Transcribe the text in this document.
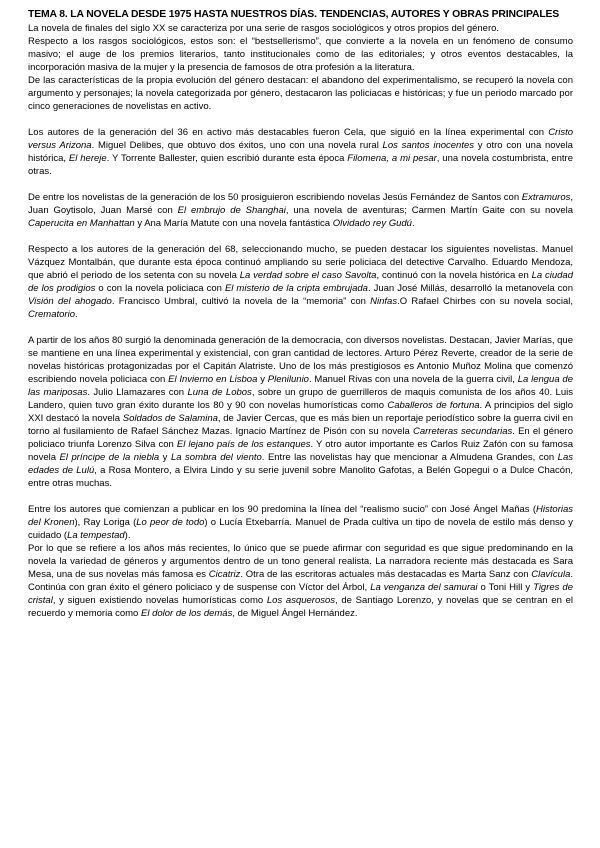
TEMA 8. LA NOVELA DESDE 1975 HASTA NUESTROS DÍAS. TENDENCIAS, AUTORES Y OBRAS PRINCIPALES

La novela de finales del siglo XX se caracteriza por una serie de rasgos sociológicos y otros propios del género.

Respecto a los rasgos sociológicos, estos son: el “bestsellerismo”, que convierte a la novela en un fenómeno de consumo masivo; el auge de los premios literarios, tanto institucionales como de las editoriales; y otros eventos destacables, la incorporación masiva de la mujer y la presencia de famosos de otra profesión a la literatura.

De las características de la propia evolución del género destacan: el abandono del experimentalismo, se recuperó la novela con argumento y personajes; la novela categorizada por género, destacaron las policiacas e históricas; y fue un periodo marcado por cinco generaciones de novelistas en activo.

Los autores de la generación del 36 en activo más destacables fueron Cela, que siguió en la línea experimental con Cristo versus Arizona. Miguel Delibes, que obtuvo dos éxitos, uno con una novela rural Los santos inocentes y otro con una novela histórica, El hereje. Y Torrente Ballester, quien escribió durante esta época Filomena, a mi pesar, una novela costumbrista, entre otras.

De entre los novelistas de la generación de los 50 prosiguieron escribiendo novelas Jesús Fernández de Santos con Extramuros, Juan Goytisolo, Juan Marsé con El embrujo de Shanghai, una novela de aventuras; Carmen Martín Gaite con su novela Caperucita en Manhattan y Ana María Matute con una novela fantástica Olvidado rey Gudú.

Respecto a los autores de la generación del 68, seleccionando mucho, se pueden destacar los siguientes novelistas. Manuel Vázquez Montalbán, que durante esta época continuó ampliando su serie policiaca del detective Carvalho. Eduardo Mendoza, que abrió el periodo de los setenta con su novela La verdad sobre el caso Savolta, continuó con la novela histórica en La ciudad de los prodigios o con la novela policiaca con El misterio de la cripta embrujada. Juan José Millás, desarrolló la metanovela con Visión del ahogado. Francisco Umbral, cultivó la novela de la “memoria” con Ninfas.O Rafael Chirbes con su novela social, Crematorio.

A partir de los años 80 surgió la denominada generación de la democracia, con diversos novelistas. Destacan, Javier Marías, que se mantiene en una línea experimental y existencial, con gran cantidad de lectores. Arturo Pérez Reverte, creador de la serie de novelas históricas protagonizadas por el Capitán Alatriste. Uno de los más prestigiosos es Antonio Muñoz Molina que comenzó escribiendo novela policiaca con El Invierno en Lisboa y Plenilunio. Manuel Rivas con una novela de la guerra civil, La lengua de las mariposas. Julio Llamazares con Luna de Lobos, sobre un grupo de guerrilleros de maquis comunista de los años 40. Luis Landero, quien tuvo gran éxito durante los 80 y 90 con novelas humorísticas como Caballeros de fortuna. A principios del siglo XXI destacó la novela Soldados de Salamina, de Javier Cercas, que es más bien un reportaje periodístico sobre la guerra civil en torno al fusilamiento de Rafael Sánchez Mazas. Ignacio Martínez de Pisón con su novela Carreteras secundarias. En el género policiaco triunfa Lorenzo Silva con El lejano país de los estanques. Y otro autor importante es Carlos Ruiz Zafón con su famosa novela El príncipe de la niebla y La sombra del viento. Entre las novelistas hay que mencionar a Almudena Grandes, con Las edades de Lulú, a Rosa Montero, a Elvira Lindo y su serie juvenil sobre Manolito Gafotas, a Belén Gopegui o a Dulce Chacón, entre otras muchas.

Entre los autores que comienzan a publicar en los 90 predomina la línea del “realismo sucio” con José Ángel Mañas (Historias del Kronen), Ray Loriga (Lo peor de todo) o Lucía Etxebarría. Manuel de Prada cultiva un tipo de novela de estilo más denso y cuidado (La tempestad).

Por lo que se refiere a los años más recientes, lo único que se puede afirmar con seguridad es que sigue predominando en la novela la variedad de géneros y argumentos dentro de un tono general realista. La narradora reciente más destacada es Sara Mesa, una de sus novelas más famosa es Cicatriz. Otra de las escritoras actuales más destacadas es Marta Sanz con Clavícula. Continúa con gran éxito el género policiaco y de suspense con Víctor del Árbol, La venganza del samurai o Toni Hill y Tigres de cristal, y siguen existiendo novelas humorísticas como Los asquerosos, de Santiago Lorenzo, y novelas que se centran en el recuerdo y memoria como El dolor de los demás, de Miguel Ángel Hernández.
